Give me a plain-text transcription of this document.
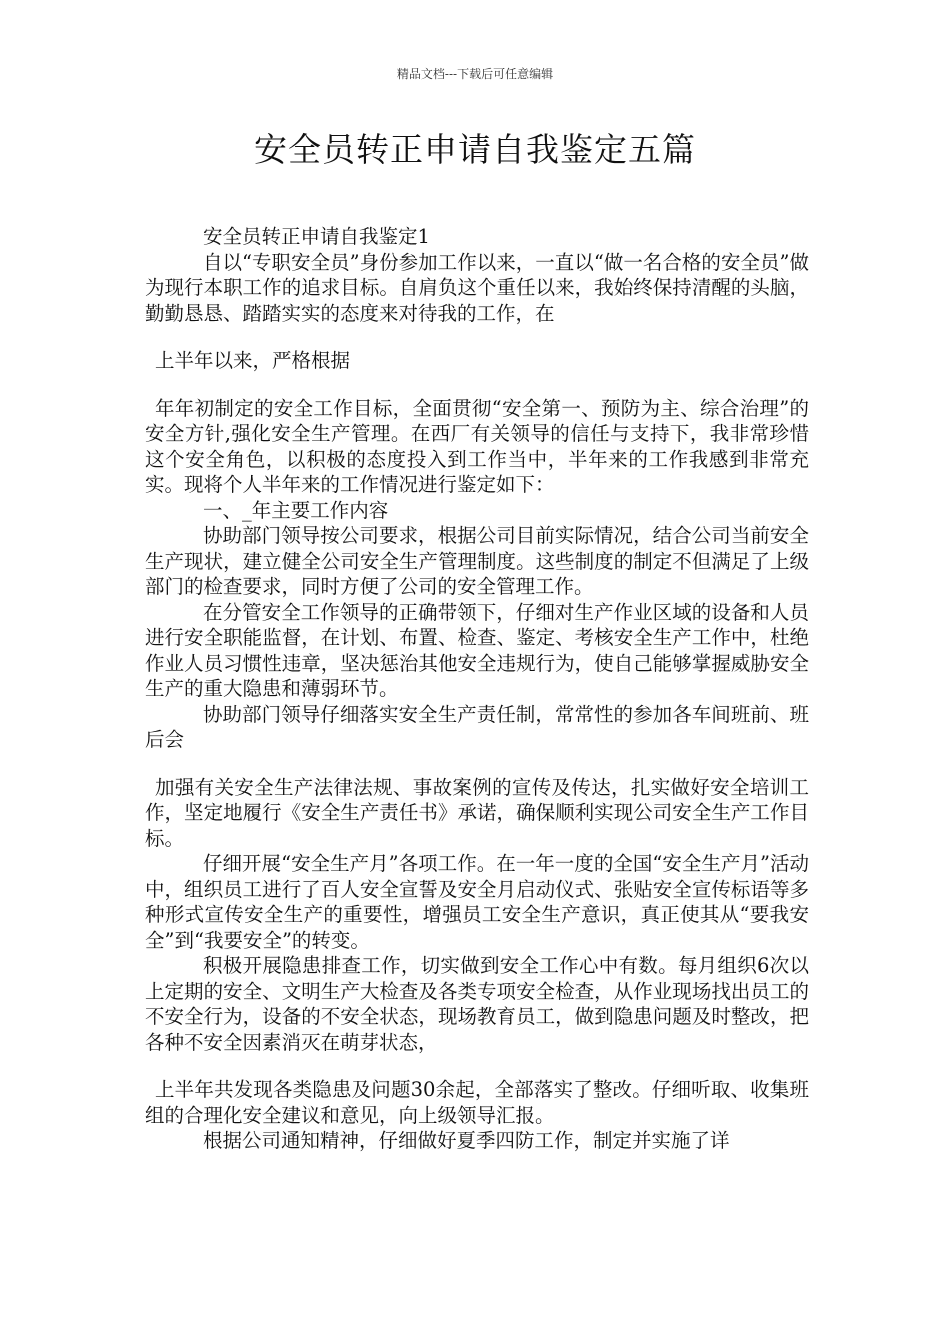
精品文档---下载后可任意编辑
安全员转正申请自我鉴定五篇

安全员转正申请自我鉴定1

自以“专职安全员”身份参加工作以来，一直以“做一名合格的安全员”做为现行本职工作的追求目标。自肩负这个重任以来，我始终保持清醒的头脑，勤勤恳恳、踏踏实实的态度来对待我的工作，在

上半年以来，严格根据

年年初制定的安全工作目标，全面贯彻“安全第一、预防为主、综合治理”的安全方针,强化安全生产管理。在西厂有关领导的信任与支持下，我非常珍惜这个安全角色，以积极的态度投入到工作当中，半年来的工作我感到非常充实。现将个人半年来的工作情况进行鉴定如下：

一、_年主要工作内容

协助部门领导按公司要求，根据公司目前实际情况，结合公司当前安全生产现状，建立健全公司安全生产管理制度。这些制度的制定不但满足了上级部门的检查要求，同时方便了公司的安全管理工作。

在分管安全工作领导的正确带领下，仔细对生产作业区域的设备和人员进行安全职能监督，在计划、布置、检查、鉴定、考核安全生产工作中，杜绝作业人员习惯性违章，坚决惩治其他安全违规行为，使自己能够掌握威胁安全生产的重大隐患和薄弱环节。

协助部门领导仔细落实安全生产责任制，常常性的参加各车间班前、班后会

加强有关安全生产法律法规、事故案例的宣传及传达，扎实做好安全培训工作，坚定地履行《安全生产责任书》承诺，确保顺利实现公司安全生产工作目标。

仔细开展“安全生产月”各项工作。在一年一度的全国“安全生产月”活动中，组织员工进行了百人安全宣誓及安全月启动仪式、张贴安全宣传标语等多种形式宣传安全生产的重要性，增强员工安全生产意识，真正使其从“要我安全”到“我要安全”的转变。

积极开展隐患排查工作，切实做到安全工作心中有数。每月组织6次以上定期的安全、文明生产大检查及各类专项安全检查，从作业现场找出员工的不安全行为，设备的不安全状态，现场教育员工，做到隐患问题及时整改，把各种不安全因素消灭在萌芽状态，

上半年共发现各类隐患及问题30余起，全部落实了整改。仔细听取、收集班组的合理化安全建议和意见，向上级领导汇报。

根据公司通知精神，仔细做好夏季四防工作，制定并实施了详
